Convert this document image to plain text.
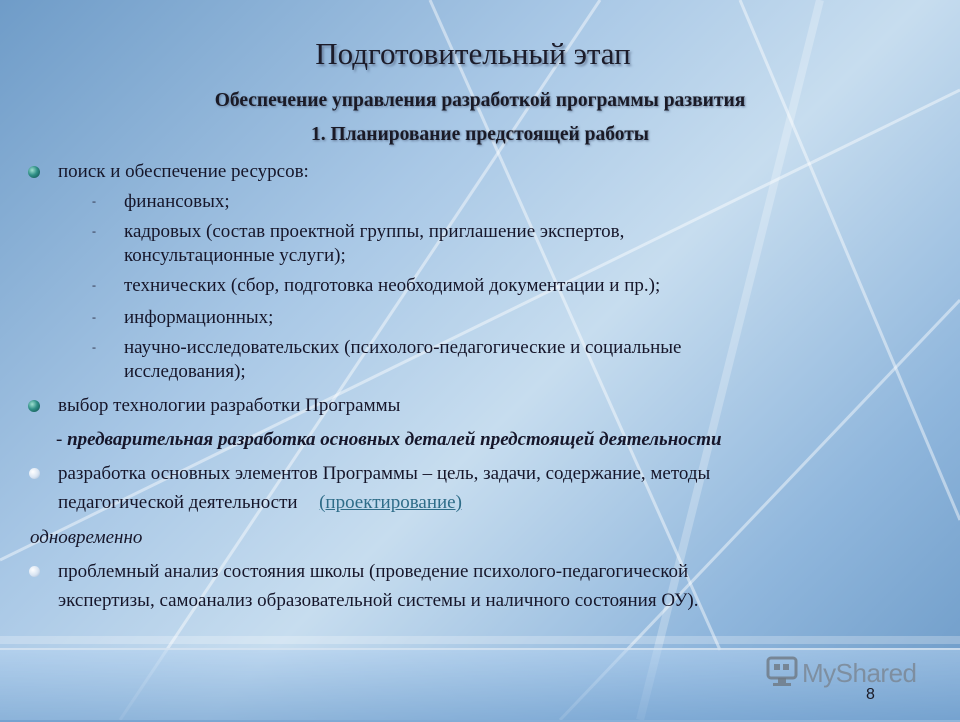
Подготовительный этап
Обеспечение управления разработкой программы развития
1. Планирование предстоящей работы
поиск и обеспечение ресурсов:
- финансовых;
- кадровых (состав проектной группы, приглашение экспертов,
консультационные услуги);
- технических (сбор, подготовка необходимой документации и пр.);
- информационных;
- научно-исследовательских (психолого-педагогические и социальные
исследования);
выбор технологии разработки Программы
- предварительная разработка основных деталей предстоящей деятельности
разработка основных элементов Программы – цель, задачи, содержание, методы
педагогической деятельности (проектирование)
одновременно
проблемный анализ состояния школы (проведение психолого-педагогической
экспертизы, самоанализ образовательной системы и наличного состояния ОУ).
MyShared
8
